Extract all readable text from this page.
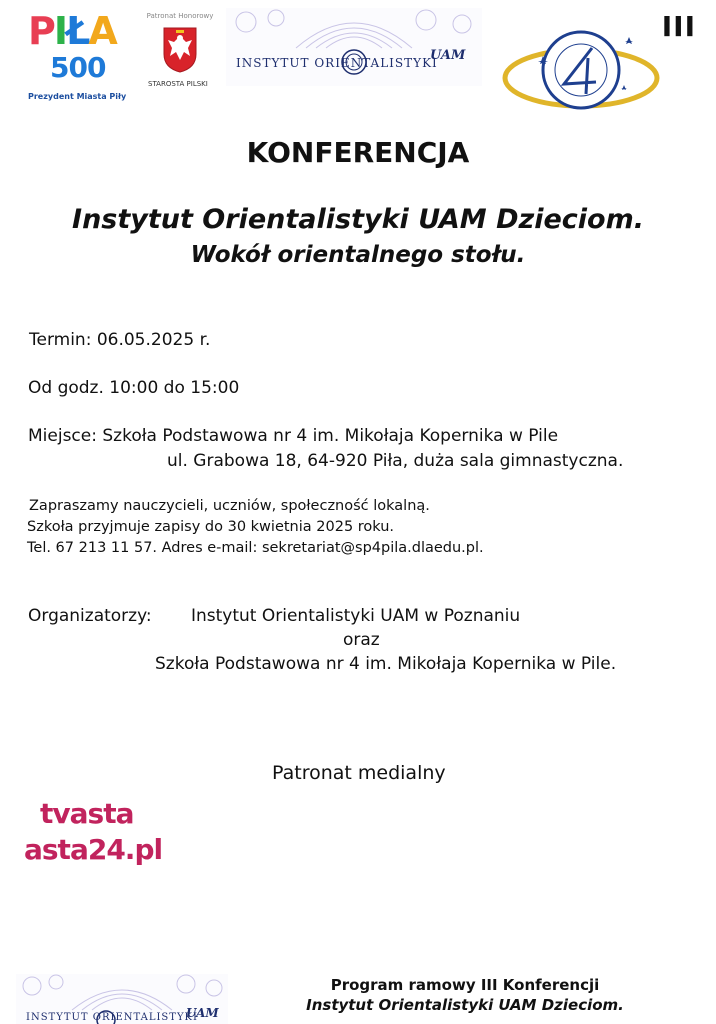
PIŁA
500
Prezydent Miasta Piły
Patronat Honorowy
STAROSTA PILSKI
INSTYTUT ORIENTALISTYKI
UAM
III
KONFERENCJA
Instytut Orientalistyki UAM Dzieciom.
Wokół orientalnego stołu.
Termin: 06.05.2025 r.
Od godz. 10:00 do 15:00
Miejsce: Szkoła Podstawowa nr 4 im. Mikołaja Kopernika w Pile
ul. Grabowa 18, 64-920 Piła, duża sala gimnastyczna.
Zapraszamy nauczycieli, uczniów, społeczność lokalną.
Szkoła przyjmuje zapisy do 30 kwietnia 2025 roku.
Tel. 67 213 11 57. Adres e-mail: sekretariat@sp4pila.dlaedu.pl.
Organizatorzy: Instytut Orientalistyki UAM w Poznaniu
oraz
Szkoła Podstawowa nr 4 im. Mikołaja Kopernika w Pile.
Patronat medialny
tvasta
asta24.pl
INSTYTUT ORIENTALISTYKI
UAM
Program ramowy III Konferencji
Instytut Orientalistyki UAM Dzieciom.
